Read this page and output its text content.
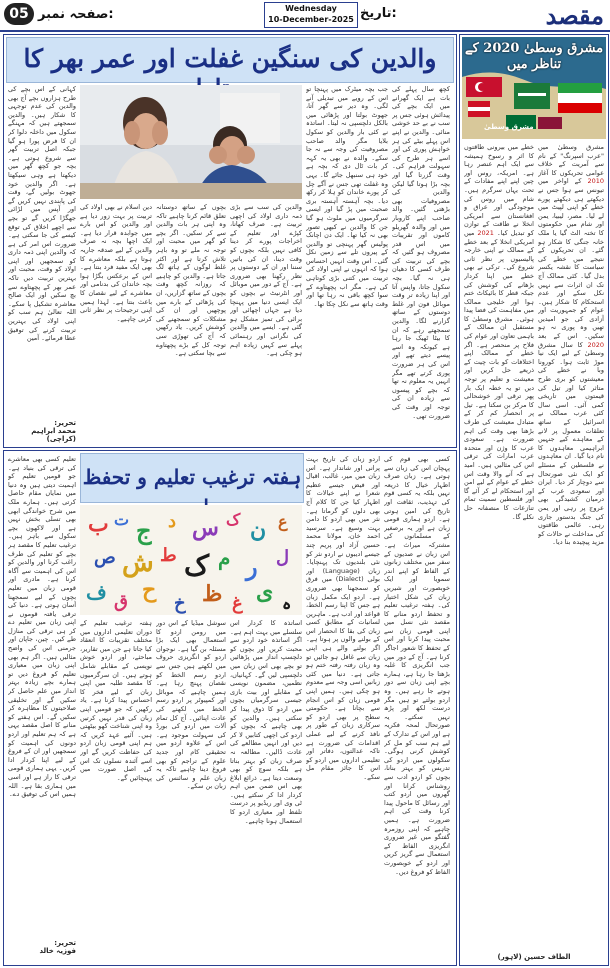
05 صفحہ نمبر:	Wednesday
10-December-2025 تاریخ:	مقصد
والدین کی سنگین غفلت اور عمر بھر کا

کچھ سال پہلے کی بات ہے ایک گھرانے میں ایک بچے کی پیدائش ہوئی جس پر سب نے بے حد خوشی منائی۔ والدین نے اپنے اس پہلے بیٹے کی ہر خواہش پوری کی اور اسے ہر طرح کی سہولت فراہم کی۔ وقت گزرتا گیا اور بچہ بڑا ہوتا گیا لیکن والدین کی مصروفیات بھی بڑھتی گئیں۔ والد صاحب اپنے کاروبار میں اور والدہ گھریلو کاموں اور تقریبات میں اس قدر مصروف ہو گئیں کہ بچے کی تربیت کی طرف کسی کا دھیان ہی نہ گیا۔ بچہ سکول جاتا، واپس آتا اور اپنا زیادہ تر وقت موبائل فون اور غلط دوستوں کے ساتھ گزارنے لگا۔ والدین سمجھتے رہے کہ ان کا بیٹا ٹھیک جا رہا ہے کیونکہ وہ اسے پیسے دیتے تھے اور اس کی ہر ضرورت پوری کرتے تھے مگر انہیں یہ معلوم نہ تھا کہ بچے کو پیسوں سے زیادہ ان کی توجہ اور وقت کی ضرورت تھی۔

جب بچہ میٹرک میں پہنچا تو اس کے رویے میں تبدیلی آنے لگی۔ وہ دیر سے گھر آتا، جھوٹ بولتا اور پڑھائی میں بالکل دلچسپی نہ لیتا۔ اساتذہ نے کئی بار والدین کو سکول بلایا مگر والد صاحب مصروفیت کی وجہ سے نہ جا سکے۔ والدہ نے بھی یہ کہہ کر بات ٹال دی کہ بچہ ہے خود ہی سنبھل جائے گا۔ یہی وہ غفلت تھی جس نے آگے چل کر پورے خاندان کو ہلا کر رکھ دیا۔ بچہ آہستہ آہستہ بری صحبت میں پڑ گیا اور ایسی سرگرمیوں میں ملوث ہو گیا جن کا والدین نے کبھی تصور بھی نہ کیا تھا۔ ایک دن اچانک پولیس گھر پہنچی تو والدین کے پیروں تلے سے زمین نکل گئی۔ اس وقت انہیں احساس ہوا کہ انہوں نے اپنی اولاد کی تربیت میں کتنی بڑی کوتاہی کی ہے۔ مگر اب پچھتاوے کے سوا کچھ باقی نہ رہا تھا اور وقت ہاتھ سے نکل چکا تھا۔

والدین کی سب سے بڑی ذمہ داری اولاد کی اچھی تربیت ہے۔ صرف کھانا، کپڑے اور تعلیم کے اخراجات پورے کر دینا کافی نہیں بلکہ بچوں کو وقت دینا، ان کی باتیں سننا اور ان کے دوستوں پر نظر رکھنا بھی ضروری ہے۔ آج کے دور میں موبائل اور انٹرنیٹ نے بچوں کو ایک ایسی دنیا میں پہنچا دیا ہے جہاں اچھائی اور برائی کی تمیز مشکل ہو گئی ہے۔ ایسے میں والدین کی نگرانی اور رہنمائی پہلے سے کہیں زیادہ اہم ہو چکی ہے۔

بچوں کے ساتھ دوستانہ تعلق قائم کرنا چاہیے تاکہ وہ اپنی ہر بات والدین سے کر سکیں۔ اگر بچے کو گھر میں محبت اور توجہ نہ ملے تو وہ باہر تلاش کرتا ہے اور اکثر غلط لوگوں کے ہاتھ لگ جاتا ہے۔ والدین کو چاہیے کہ روزانہ کچھ وقت بچوں کے ساتھ گزاریں، ان کی پڑھائی کے بارے میں پوچھیں اور ان کی مشکلات کو سمجھنے کی کوشش کریں۔ یاد رکھیں کہ آج کی تھوڑی سی توجہ کل کے بڑے پچھتاوے سے بچا سکتی ہے۔

دین اسلام نے بھی اولاد کی تربیت پر بہت زور دیا ہے اور والدین کو اس بارے میں جوابدہ قرار دیا ہے۔ ایک اچھا بچہ نہ صرف والدین کے لیے صدقہ جاریہ ہوتا ہے بلکہ معاشرے کا بھی ایک مفید فرد بنتا ہے۔ اس کے برعکس بگڑا ہوا بچہ خاندان کی بدنامی اور معاشرے کے لیے نقصان کا باعث بنتا ہے۔ لہذا ہمیں اپنی ترجیحات پر نظر ثانی کرنی چاہیے۔

کہانی کے اس بچے کی طرح ہزاروں بچے آج بھی والدین کی عدم توجہی کا شکار ہیں۔ والدین سمجھتے ہیں کہ مہنگے سکول میں داخلہ دلوا کر ان کا فرض پورا ہو گیا جبکہ اصل تربیت گھر سے شروع ہوتی ہے۔ بچہ جو کچھ گھر میں دیکھتا ہے وہی سیکھتا ہے۔ اگر والدین خود جھوٹ بولیں گے، وقت کی پابندی نہیں کریں گے اور آپس میں لڑائی جھگڑا کریں گے تو بچے سے اچھے اخلاق کی توقع کیسے کی جا سکتی ہے۔ ضرورت اس امر کی ہے کہ والدین اپنی ذمہ داری کو سمجھیں اور اپنی اولاد کو وقت، محبت اور بہترین تربیت دیں تاکہ عمر بھر کے پچھتاوے سے بچ سکیں اور ایک صالح معاشرہ تشکیل پا سکے۔ اللہ تعالیٰ ہم سب کو اپنی اولاد کی بہترین تربیت کرنے کی توفیق عطا فرمائے۔ آمین

تحریر:
محمد ابراہیم (کراچی)
ہفتہ ترغیب تعلیم و تحفظ
ب ت ج د س ک ن ع
ص ش ط ک م ر ل
ف ق ح
خ ظ غ ی ہ

کسی بھی قوم کی پہچان اس کی زبان سے ہوتی ہے۔ زبان صرف اظہار خیال کا ذریعہ نہیں بلکہ یہ کسی قوم کی تہذیب، ثقافت اور تاریخ کی امین ہوتی ہے۔ اردو ہماری قومی زبان ہے اور یہ برصغیر کے مسلمانوں کی مشترکہ میراث ہے۔ اس زبان نے صدیوں کے سفر میں مختلف زبانوں کے الفاظ کو اپنے اندر سمویا اور ایک خوبصورت اور شیریں زبان کی شکل اختیار کی۔ ہفتہ ترغیب تعلیم و تحفظ اردو منانے کا مقصد نئی نسل میں اپنی قومی زبان سے محبت پیدا کرنا اور اس کے تحفظ کا شعور اجاگر کرنا ہے۔ آج کے دور میں جب انگریزی کا غلبہ بڑھتا جا رہا ہے، ہمارے بچے اپنی زبان سے دور ہوتے جا رہے ہیں۔ وہ اردو بولتے تو ہیں مگر درست لکھ اور پڑھ نہیں سکتے۔ یہ صورتحال لمحہ فکریہ ہے اور اس کے تدارک کے لیے ہم سب کو مل کر کوشش کرنی ہوگی۔ سکولوں میں اردو کی تدریس کو بہتر بنانا، بچوں کو اردو ادب سے روشناس کرانا اور گھروں میں اردو کتب اور رسائل کا ماحول پیدا کرنا وقت کی اہم ضرورت ہے۔ ہمیں چاہیے کہ اپنی روزمرہ گفتگو میں غیر ضروری انگریزی الفاظ کے استعمال سے گریز کریں اور اردو کے خوبصورت الفاظ کو فروغ دیں۔

اردو زبان کی تاریخ بہت پرانی اور شاندار ہے۔ اس زبان میں میر، غالب، اقبال اور فیض جیسے عظیم شعرا نے اپنے خیالات کا اظہار کیا جن کا کلام آج بھی دلوں کو گرماتا ہے۔ نثر میں بھی اردو کا دامن بہت وسیع ہے۔ سرسید احمد خان، مولانا محمد حسین آزاد اور پریم چند جیسے ادیبوں نے اردو نثر کو نئی بلندیوں تک پہنچایا۔ زبان (Language) اور بولی (Dialect) میں فرق کو سمجھنا بھی ضروری ہے۔ اردو ایک مکمل زبان ہے جس کا اپنا رسم الخط، قواعد اور ادب ہے۔ ماہرین لسانیات کے مطابق کسی زبان کی بقا کا انحصار اس کے بولنے والوں پر ہوتا ہے۔ اگر بولنے والے ہی اپنی زبان سے غافل ہو جائیں تو وہ زبان رفتہ رفتہ ختم ہو جاتی ہے۔ دنیا میں کئی زبانیں اسی وجہ سے معدوم ہو چکی ہیں۔ ہمیں اپنی قومی زبان کو اس انجام سے بچانا ہے۔ حکومتی سطح پر بھی اردو کو سرکاری زبان کے طور پر نافذ کرنے کے لیے عملی اقدامات کی ضرورت ہے تاکہ عدالتوں، دفاتر اور تعلیمی اداروں میں اردو کو اس کا جائز مقام مل سکے۔

اساتذہ کا کردار اس سلسلے میں بہت اہم ہے۔ اگر اساتذہ خود اردو سے محبت کریں اور بچوں کو دلچسپ انداز میں پڑھائیں تو بچے بھی اس زبان میں دلچسپی لیں گے۔ کہانیاں، نظمیں، مضمون نویسی کے مقابلے اور بیت بازی جیسی سرگرمیاں بچوں میں اردو کا ذوق پیدا کر سکتی ہیں۔ والدین کو بھی چاہیے کہ بچوں کو اردو کی اچھی کتابیں لا کر دیں اور انہیں مطالعے کی عادت ڈالیں۔ مطالعہ نہ صرف زبان کو بہتر بناتا ہے بلکہ سوچ کو بھی وسعت دیتا ہے۔ ذرائع ابلاغ بھی اس ضمن میں اہم کردار ادا کر سکتے ہیں۔ ٹی وی اور ریڈیو پر درست تلفظ اور معیاری اردو کا استعمال ہونا چاہیے۔

سوشل میڈیا کے اس دور میں رومن اردو کا استعمال بھی ایک بڑا مسئلہ بن گیا ہے۔ نوجوان اردو کو انگریزی حروف میں لکھتے ہیں جس سے اردو رسم الخط کو نقصان پہنچ رہا ہے۔ ہمیں چاہیے کہ موبائل اور کمپیوٹر پر اردو رسم الخط میں لکھنے کی عادت اپنائیں۔ آج کل تمام آلات میں اردو کی بورڈ کی سہولت موجود ہے۔ اس کے علاوہ اردو میں تحقیقی کام اور جدید علوم کے تراجم کو بھی فروغ دینا چاہیے تاکہ یہ زبان علم و سائنس کی زبان بن سکے۔

ہفتہ ترغیب تعلیم کے دوران تعلیمی اداروں میں مختلف تقریبات کا انعقاد کیا جاتا ہے جن میں تقاریر، مباحثے، اور اردو خوش نویسی کے مقابلے شامل ہوتے ہیں۔ ان سرگرمیوں کا مقصد طلبہ میں اپنی زبان کے لیے فخر کا احساس پیدا کرنا ہے۔ یاد رکھیں کہ جو قومیں اپنی زبان کی قدر نہیں کرتیں وہ اپنی شناخت کھو بیٹھتی ہیں۔ آئیے عہد کریں کہ ہم اپنی قومی زبان اردو کی حفاظت کریں گے اور اسے آئندہ نسلوں تک اس کی اصل صورت میں پہنچائیں گے۔

تعلیم کسی بھی معاشرے کی ترقی کی بنیاد ہے۔ جو قومیں تعلیم کو اہمیت دیتی ہیں وہ دنیا میں نمایاں مقام حاصل کرتی ہیں۔ ہمارے ملک میں شرح خواندگی ابھی بھی تسلی بخش نہیں ہے اور لاکھوں بچے سکول سے باہر ہیں۔ ترغیب تعلیم کا مقصد ہر بچے کو تعلیم کی طرف راغب کرنا اور والدین کو اس کی اہمیت سے آگاہ کرنا ہے۔ مادری اور قومی زبان میں تعلیم بچوں کے لیے سمجھنا آسان ہوتی ہے۔ دنیا کی ترقی یافتہ قوموں نے اپنی زبان میں تعلیم دے کر ہی ترقی کی منازل طے کیں۔ چین، جاپان اور جرمنی اس کی واضح مثالیں ہیں۔ اگر ہم بھی اپنی زبان میں معیاری تعلیم کو فروغ دیں تو ہمارے بچے زیادہ بہتر انداز میں علم حاصل کر سکیں گے اور تخلیقی صلاحیتوں کا مظاہرہ کر سکیں گے۔ اس ہفتے کو منانے کا اصل مقصد یہی ہے کہ ہم تعلیم اور اردو دونوں کی اہمیت کو سمجھیں اور ان کے فروغ کے لیے اپنا کردار ادا کریں۔ یہی ہماری قومی ترقی کا راز ہے اور اسی میں ہماری بقا ہے۔ اللہ ہمیں اس کی توفیق دے۔

تحریر:
فوزیہ خالد
مشرق وسطیٰ 2020 کے تناظر میں
مشرق وسطیٰ

مشرق وسطیٰ میں "عرب اسپرنگ" کے نام سے آمریت کے خلاف عوامی تحریکوں کا آغاز 2010 کے اواخر میں تیونس سے ہوا جس نے دیکھتے ہی دیکھتے پورے خطے کو اپنی لپیٹ میں لے لیا۔ مصر، لیبیا، یمن اور شام میں حکومتوں کا تختہ الٹ گیا یا ملک خانہ جنگی کا شکار ہو گئے۔ ان تحریکوں کے نتیجے میں خطے کی سیاست کا نقشہ یکسر بدل گیا۔ کئی ممالک آج تک ان اثرات سے نہیں نکل سکے اور عدم استحکام کا شکار ہیں۔ عوام کو جمہوریت اور آزادی کی جو امیدیں تھیں وہ پوری نہ ہو سکیں۔ اس کے بعد 2020 کا سال مشرق وسطیٰ کے لیے ایک نیا موڑ ثابت ہوا۔ کورونا وبا نے خطے کی معیشتوں کو بری طرح متاثر کیا اور تیل کی قیمتوں میں تاریخی کمی آئی۔ اسی سال کئی عرب ممالک نے اسرائیل کے ساتھ تعلقات معمول پر لانے کے معاہدے کیے جنہیں ابراہیمی معاہدوں کا نام دیا گیا۔ ان معاہدوں نے فلسطین کے مسئلے کو ایک نئی صورتحال سے دوچار کر دیا۔ ایران اور سعودی عرب کے درمیان کشیدگی بھی عروج پر رہی اور یمن کی جنگ بدستور جاری رہی۔ عالمی طاقتوں کی مداخلت نے حالات کو مزید پیچیدہ بنا دیا۔

خطے میں بیرونی طاقتوں کا اثر و رسوخ ہمیشہ سے ایک اہم عنصر رہا ہے۔ امریکہ، روس اور چین اپنے اپنے مفادات کے تحت یہاں سرگرم ہیں۔ شام میں روس کی موجودگی اور عراق و افغانستان سے امریکی انخلا نے طاقت کے توازن کو تبدیل کیا۔ 2021 میں امریکی انخلا کے بعد خطے کے ممالک نے اپنی خارجہ پالیسیوں پر نظر ثانی شروع کی۔ ترکی نے بھی خطے میں اپنا کردار بڑھانے کی کوشش کی جبکہ قطر کا بائیکاٹ ختم ہوا اور خلیجی ممالک میں مفاہمت کی فضا پیدا ہوئی۔ مشرق وسطیٰ کا مستقبل ان ممالک کے باہمی تعاون اور عوام کی فلاح پر منحصر ہے۔ اگر خطے کے ممالک اپنے اختلافات کو بات چیت کے ذریعے حل کریں اور معیشت و تعلیم پر توجہ دیں تو یہ خطہ ایک بار پھر ترقی اور خوشحالی کا مرکز بن سکتا ہے۔ تیل پر انحصار کم کر کے متبادل معیشت کی طرف بڑھنا بھی وقت کی اہم ضرورت ہے۔ سعودی عرب کا وژن اور متحدہ عرب امارات کی ترقی اس کی مثالیں ہیں۔ امید ہے کہ آنے والا وقت اس خطے کے عوام کے لیے امن اور استحکام لے کر آئے گا اور فلسطین سمیت تمام تنازعات کا منصفانہ حل نکلے گا۔

الطاف حسین (لاہور)
